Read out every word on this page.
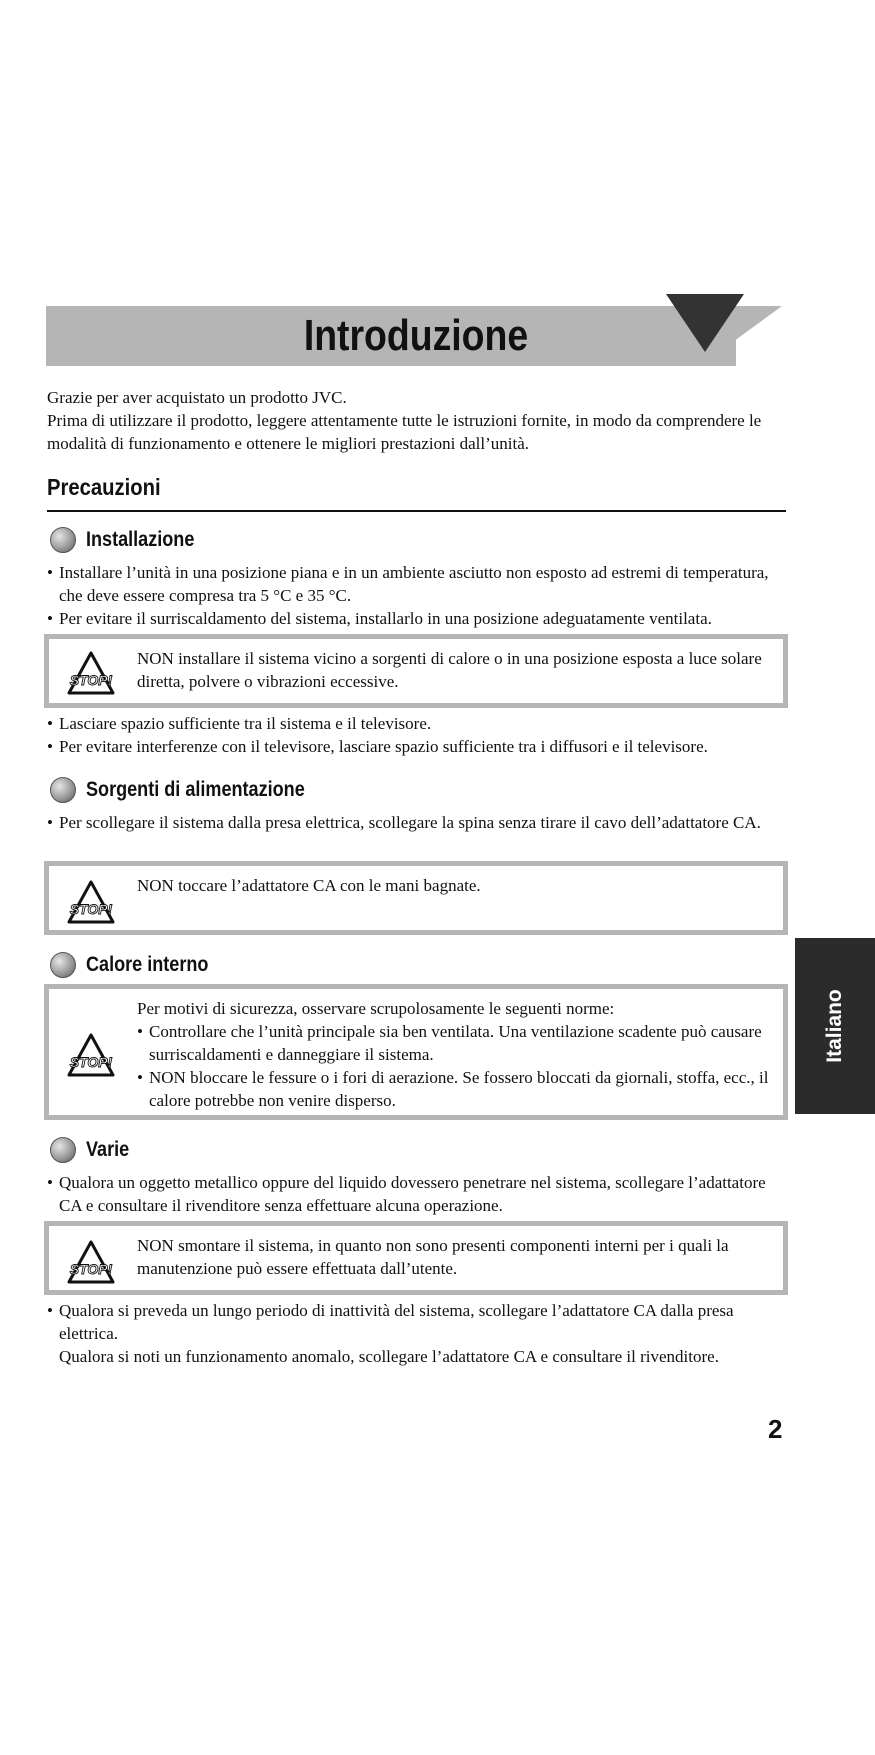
Introduzione

Grazie per aver acquistato un prodotto JVC.

Prima di utilizzare il prodotto, leggere attentamente tutte le istruzioni fornite, in modo da comprendere le modalità di funzionamento e ottenere le migliori prestazioni dall’unità.

Precauzioni
Installazione
• Installare l’unità in una posizione piana e in un ambiente asciutto non esposto ad estremi di temperatura, che deve essere compresa tra 5 °C e 35 °C.
• Per evitare il surriscaldamento del sistema, installarlo in una posizione adeguatamente ventilata.
STOP!

NON installare il sistema vicino a sorgenti di calore o in una posizione esposta a luce solare diretta, polvere o vibrazioni eccessive.

• Lasciare spazio sufficiente tra il sistema e il televisore.
• Per evitare interferenze con il televisore, lasciare spazio sufficiente tra i diffusori e il televisore.
Sorgenti di alimentazione
• Per scollegare il sistema dalla presa elettrica, scollegare la spina senza tirare il cavo dell’adattatore CA.
STOP!

NON toccare l’adattatore CA con le mani bagnate.

Calore interno
STOP!

Per motivi di sicurezza, osservare scrupolosamente le seguenti norme:

• Controllare che l’unità principale sia ben ventilata. Una ventilazione scadente può causare surriscaldamenti e danneggiare il sistema.
• NON bloccare le fessure o i fori di aerazione. Se fossero bloccati da giornali, stoffa, ecc., il calore potrebbe non venire disperso.
Varie
• Qualora un oggetto metallico oppure del liquido dovessero penetrare nel sistema, scollegare l’adattatore CA e consultare il rivenditore senza effettuare alcuna operazione.
STOP!

NON smontare il sistema, in quanto non sono presenti componenti interni per i quali la manutenzione può essere effettuata dall’utente.

• Qualora si preveda un lungo periodo di inattività del sistema, scollegare l’adattatore CA dalla presa elettrica.

Qualora si noti un funzionamento anomalo, scollegare l’adattatore CA e consultare il rivenditore.

Italiano
2
